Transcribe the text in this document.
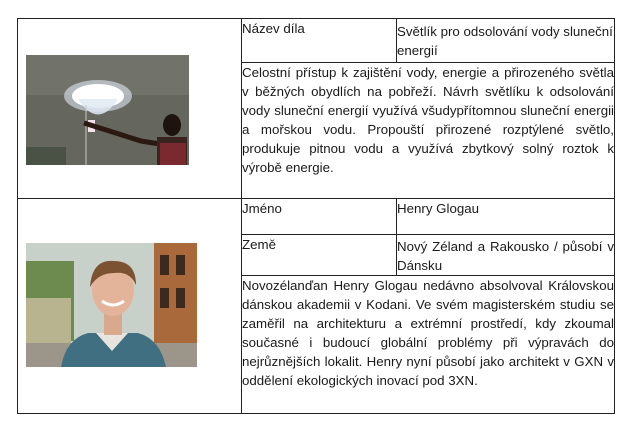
	Název díla	Světlík pro odsolování vody sluneční energií
	Celostní přístup k zajištění vody, energie a přirozeného světla v běžných obydlích na pobřeží. Návrh světlíku k odsolování vody sluneční energií využívá všudypřítomnou sluneční energii a mořskou vodu. Propouští přirozené rozptýlené světlo, produkuje pitnou vodu a využívá zbytkový solný roztok k výrobě energie.	

	Jméno	Henry Glogau
	Země	Nový Zéland a Rakousko / působí v Dánsku
	Novozélanďan Henry Glogau nedávno absolvoval Královskou dánskou akademii v Kodani. Ve svém magisterském studiu se zaměřil na architekturu a extrémní prostředí, kdy zkoumal současné i budoucí globální problémy při výpravách do nejrůznějších lokalit. Henry nyní působí jako architekt v GXN v oddělení ekologických inovací pod 3XN.	
